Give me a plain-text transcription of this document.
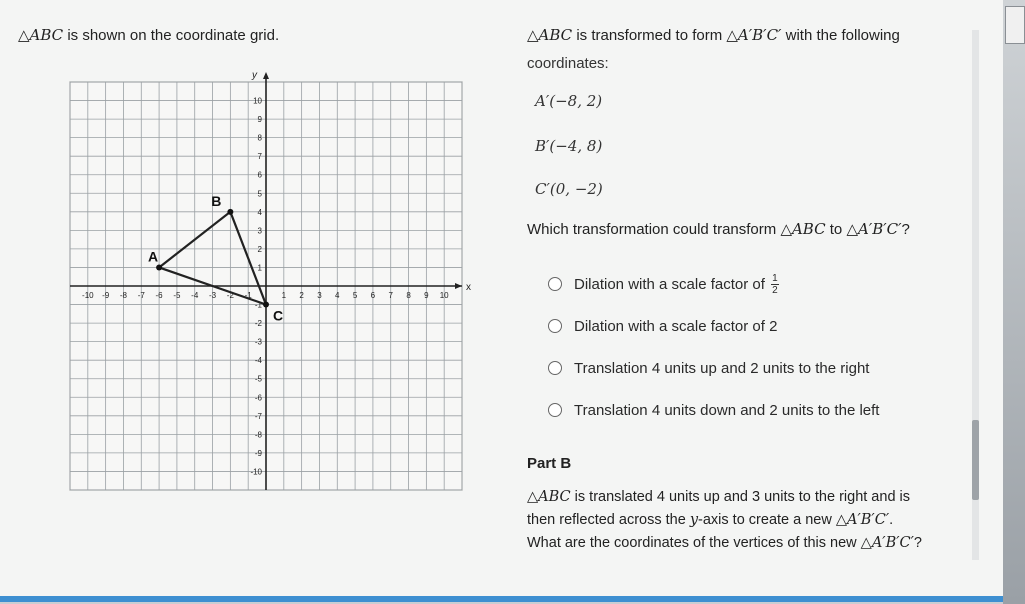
△ABC is shown on the coordinate grid.
x
y
-10 -9 -8 -7 -6 -5 -4 -3 -2 -1	1 2 3 4 5 6 7 8 9 10
10
9
8
7
6
5
4
3
2
1
-1
-2
-3
-4
-5
-6
-7
-8
-9
-10
A
B
C
△ABC is transformed to form △A′B′C′ with the following
coordinates:
A′(−8, 2)
B′(−4, 8)
C′(0, −2)
Which transformation could transform △ABC to △A′B′C′?
Dilation with a scale factor of $\frac{1}{2}$
Dilation with a scale factor of 2
Translation 4 units up and 2 units to the right
Translation 4 units down and 2 units to the left
Part B
△ABC is translated 4 units up and 3 units to the right and is
then reflected across the y-axis to create a new △A′B′C′.
What are the coordinates of the vertices of this new △A′B′C′?
